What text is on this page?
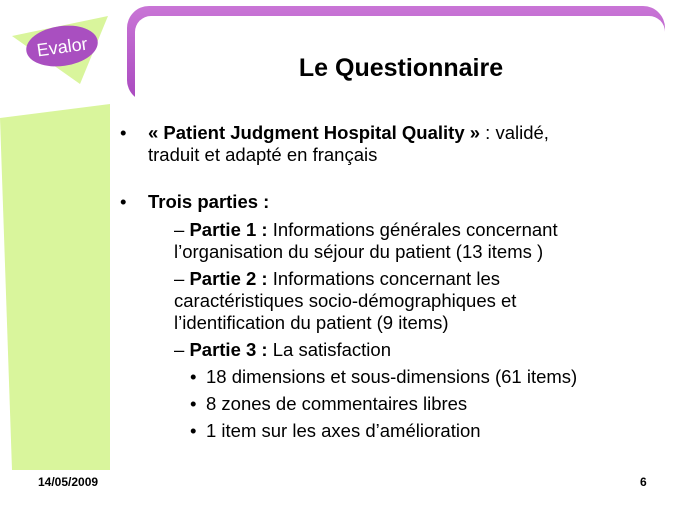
Evalor
Le Questionnaire
• « Patient Judgment Hospital Quality » : validé,
traduit et adapté en français
• Trois parties :
– Partie 1 : Informations générales concernant
l’organisation du séjour du patient (13 items )
– Partie 2 : Informations concernant les
caractéristiques socio-démographiques et
l’identification du patient (9 items)
– Partie 3 : La satisfaction
• 18 dimensions et sous-dimensions (61 items)
• 8 zones de commentaires libres
• 1 item sur les axes d’amélioration
14/05/2009	6
